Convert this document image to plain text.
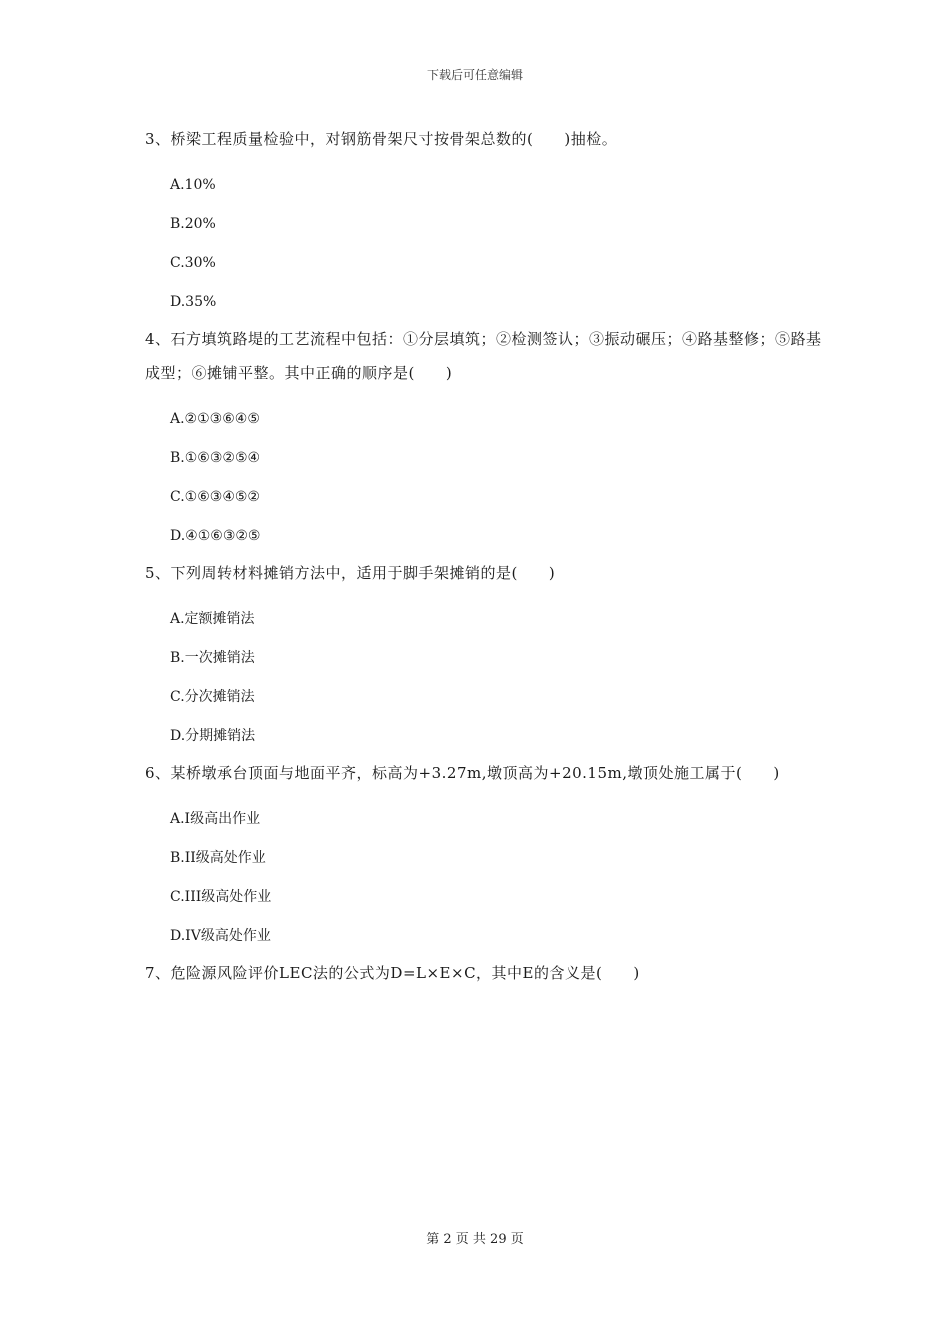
下载后可任意编辑

3、桥梁工程质量检验中，对钢筋骨架尺寸按骨架总数的(　　)抽检。

A.10%
B.20%
C.30%
D.35%

4、石方填筑路堤的工艺流程中包括：①分层填筑；②检测签认；③振动碾压；④路基整修；⑤路基成型；⑥摊铺平整。其中正确的顺序是(　　)

A.②①③⑥④⑤
B.①⑥③②⑤④
C.①⑥③④⑤②
D.④①⑥③②⑤

5、下列周转材料摊销方法中，适用于脚手架摊销的是(　　)

A.定额摊销法
B.一次摊销法
C.分次摊销法
D.分期摊销法

6、某桥墩承台顶面与地面平齐，标高为+3.27m,墩顶高为+20.15m,墩顶处施工属于(　　)

A.I级高出作业
B.II级高处作业
C.III级高处作业
D.IV级高处作业

7、危险源风险评价LEC法的公式为D=L×E×C，其中E的含义是(　　)

第 2 页 共 29 页
